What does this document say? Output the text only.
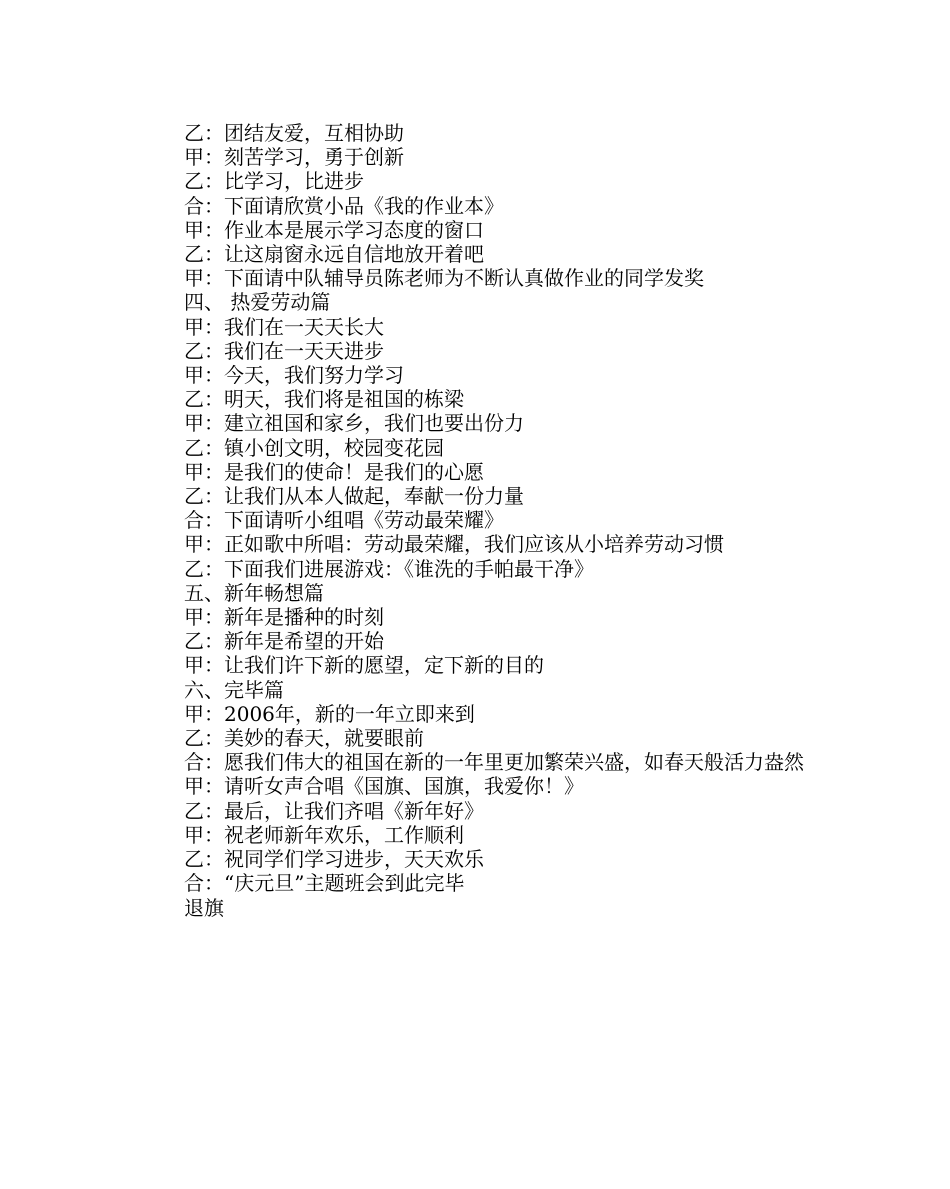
乙：团结友爱，互相协助
甲：刻苦学习，勇于创新
乙：比学习，比进步
合：下面请欣赏小品《我的作业本》
甲：作业本是展示学习态度的窗口
乙：让这扇窗永远自信地放开着吧
甲：下面请中队辅导员陈老师为不断认真做作业的同学发奖
四、 热爱劳动篇
甲：我们在一天天长大
乙：我们在一天天进步
甲：今天，我们努力学习
乙：明天，我们将是祖国的栋梁
甲：建立祖国和家乡，我们也要出份力
乙：镇小创文明，校园变花园
甲：是我们的使命！是我们的心愿
乙：让我们从本人做起，奉献一份力量
合：下面请听小组唱《劳动最荣耀》
甲：正如歌中所唱：劳动最荣耀，我们应该从小培养劳动习惯
乙：下面我们进展游戏：《谁洗的手帕最干净》
五、新年畅想篇
甲：新年是播种的时刻
乙：新年是希望的开始
甲：让我们许下新的愿望，定下新的目的
六、完毕篇
甲：2006年，新的一年立即来到
乙：美妙的春天，就要眼前
合：愿我们伟大的祖国在新的一年里更加繁荣兴盛，如春天般活力盎然
甲：请听女声合唱《国旗、国旗，我爱你！》
乙：最后，让我们齐唱《新年好》
甲：祝老师新年欢乐，工作顺利
乙：祝同学们学习进步，天天欢乐
合：“庆元旦”主题班会到此完毕
退旗
